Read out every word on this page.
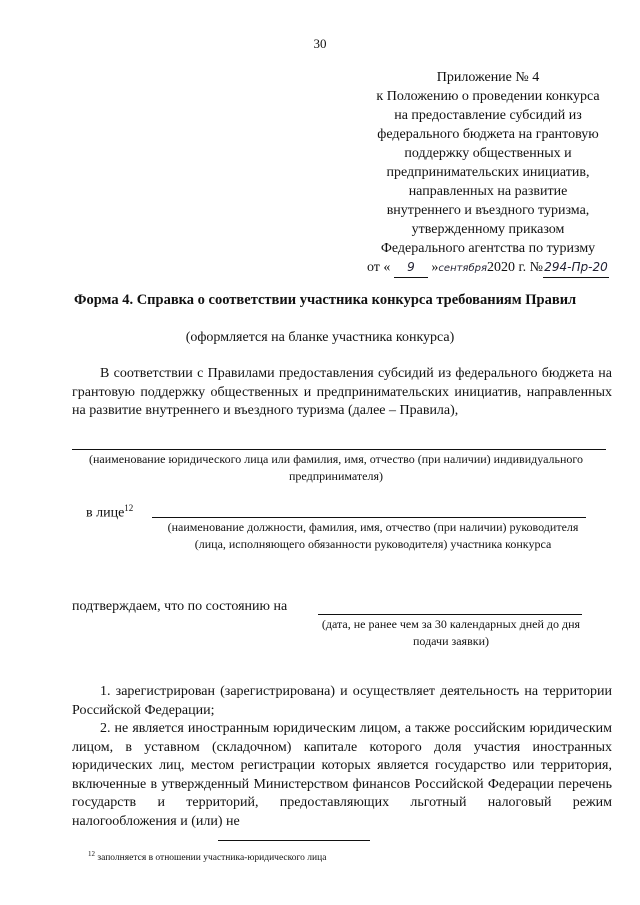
30
Приложение № 4
к Положению о проведении конкурса
на предоставление субсидий из
федерального бюджета на грантовую
поддержку общественных и
предпринимательских инициатив,
направленных на развитие
внутреннего и въездного туризма,
утвержденному приказом
Федерального агентства по туризму
от « 9 »сентября2020 г. №294-Пр-20
Форма 4. Справка о соответствии участника конкурса требованиям Правил
(оформляется на бланке участника конкурса)
В соответствии с Правилами предоставления субсидий из федерального бюджета на грантовую поддержку общественных и предпринимательских инициатив, направленных на развитие внутреннего и въездного туризма (далее – Правила),
(наименование юридического лица или фамилия, имя, отчество (при наличии) индивидуального предпринимателя)
в лице$^{12}$
(наименование должности, фамилия, имя, отчество (при наличии) руководителя (лица, исполняющего обязанности руководителя) участника конкурса
подтверждаем, что по состоянию на
(дата, не ранее чем за 30 календарных дней до дня подачи заявки)

1. зарегистрирован (зарегистрирована) и осуществляет деятельность на территории Российской Федерации;

2. не является иностранным юридическим лицом, а также российским юридическим лицом, в уставном (складочном) капитале которого доля участия иностранных юридических лиц, местом регистрации которых является государство или территория, включенные в утвержденный Министерством финансов Российской Федерации перечень государств и территорий, предоставляющих льготный налоговый режим налогообложения и (или) не

$^{12}$ заполняется в отношении участника-юридического лица
